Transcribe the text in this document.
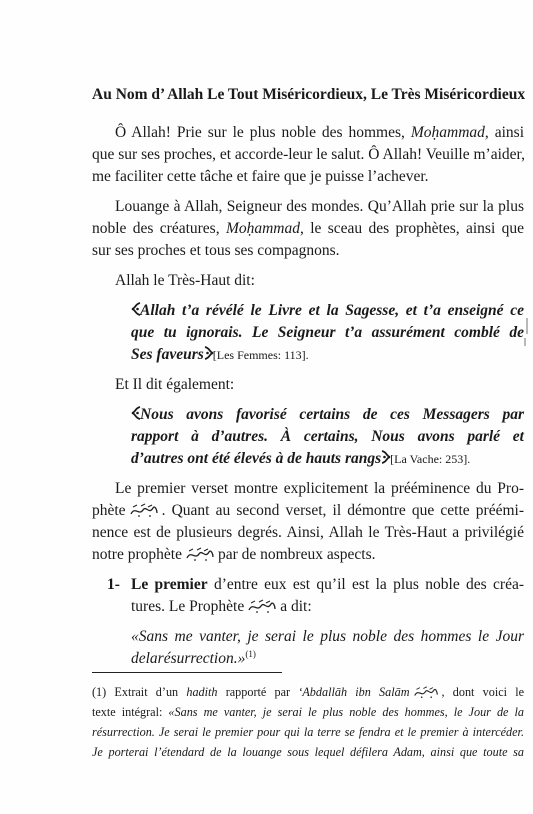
Au Nom d’ Allah Le Tout Miséricordieux, Le Très Miséricordieux
Ô Allah! Prie sur le plus noble des hommes, Moḥammad, ainsi
que sur ses proches, et accorde-leur le salut. Ô Allah! Veuille m’aider,
me faciliter cette tâche et faire que je puisse l’achever.
Louange à Allah, Seigneur des mondes. Qu’Allah prie sur la plus
noble des créatures, Moḥammad, le sceau des prophètes, ainsi que
sur ses proches et tous ses compagnons.
Allah le Très-Haut dit:
Allah t’a révélé le Livre et la Sagesse, et t’a enseigné ce
que tu ignorais. Le Seigneur t’a assurément comblé de
Ses faveurs [Les Femmes: 113].
Et Il dit également:
Nous avons favorisé certains de ces Messagers par
rapport à d’autres. À certains, Nous avons parlé et
d’autres ont été élevés à de hauts rangs [La Vache: 253].
Le premier verset montre explicitement la prééminence du Pro-
phète . Quant au second verset, il démontre que cette préémi-
nence est de plusieurs degrés. Ainsi, Allah le Très-Haut a privilégié
notre prophète par de nombreux aspects.
1- Le premier d’entre eux est qu’il est la plus noble des créa-
tures. Le Prophète a dit:
«Sans me vanter, je serai le plus noble des hommes le Jour
delarésurrection.»$^{(1)}$
(1) Extrait d’un hadith rapporté par ‘Abdallāh ibn Salām	, dont voici le
texte intégral: «Sans me vanter, je serai le plus noble des hommes, le Jour de la
résurrection. Je serai le premier pour qui la terre se fendra et le premier à intercéder.
Je porterai l’étendard de la louange sous lequel défilera Adam, ainsi que toute sa
